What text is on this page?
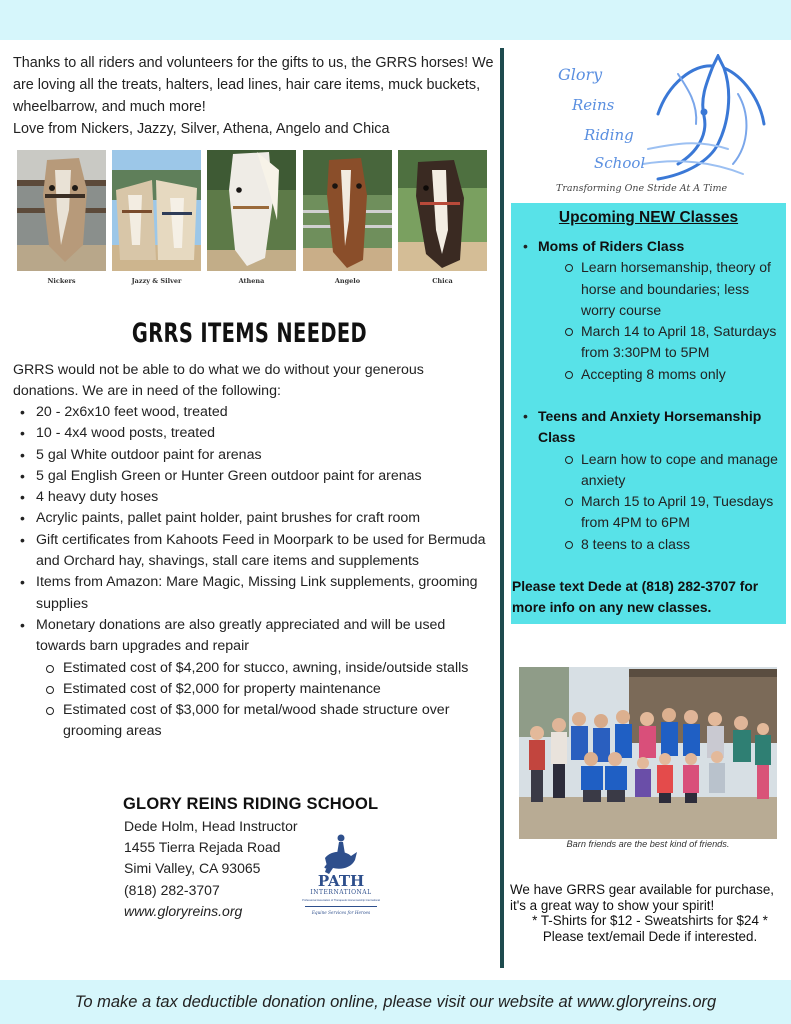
Thanks to all riders and volunteers for the gifts to us, the GRRS horses! We are loving all the treats, halters, lead lines, hair care items, muck buckets, wheelbarrow, and much more!
Love from Nickers, Jazzy, Silver, Athena, Angelo and Chica
Nickers	Jazzy & Silver	Athena	Angelo	Chica
GRRS ITEMS NEEDED
GRRS would not be able to do what we do without your generous donations. We are in need of the following:
• 20 - 2x6x10 feet wood, treated
• 10 - 4x4 wood posts, treated
• 5 gal White outdoor paint for arenas
• 5 gal English Green or Hunter Green outdoor paint for arenas
• 4 heavy duty hoses
• Acrylic paints, pallet paint holder, paint brushes for craft room
• Gift certificates from Kahoots Feed in Moorpark to be used for Bermuda and Orchard hay, shavings, stall care items and supplements
• Items from Amazon: Mare Magic, Missing Link supplements, grooming supplies
• Monetary donations are also greatly appreciated and will be used towards barn upgrades and repair
Estimated cost of $4,200 for stucco, awning, inside/outside stalls
Estimated cost of $2,000 for property maintenance
Estimated cost of $3,000 for metal/wood shade structure over grooming areas
GLORY REINS RIDING SCHOOL
Dede Holm, Head Instructor
1455 Tierra Rejada Road
Simi Valley, CA 93065
(818) 282-3707
www.gloryreins.org
PATH
INTERNATIONAL
Professional Association of Therapeutic Horsemanship International
Equine Services for Heroes
Glory
Reins
Riding
School
Transforming One Stride At A Time
Upcoming NEW Classes
• Moms of Riders Class
Learn horsemanship, theory of horse and boundaries; less worry course
March 14 to April 18, Saturdays from 3:30PM to 5PM
Accepting 8 moms only
• Teens and Anxiety Horsemanship Class
Learn how to cope and manage anxiety
March 15 to April 19, Tuesdays from 4PM to 6PM
8 teens to a class
Please text Dede at (818) 282-3707 for more info on any new classes.
Barn friends are the best kind of friends.
We have GRRS gear available for purchase,
it's a great way to show your spirit!
* T-Shirts for $12 - Sweatshirts for $24 *
Please text/email Dede if interested.
To make a tax deductible donation online, please visit our website at www.gloryreins.org
